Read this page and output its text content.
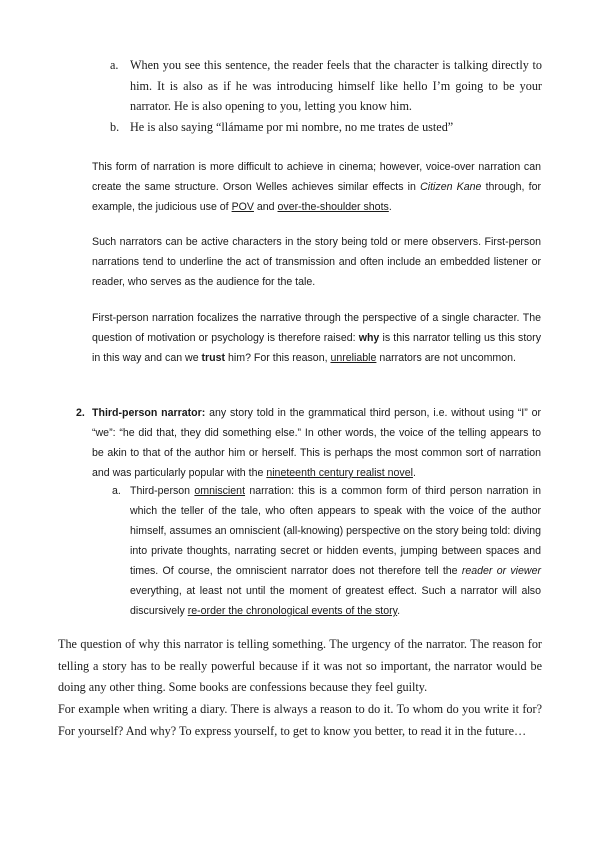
a. When you see this sentence, the reader feels that the character is talking directly to him. It is also as if he was introducing himself like hello I’m going to be your narrator. He is also opening to you, letting you know him.
b. He is also saying “llámame por mi nombre, no me trates de usted”
This form of narration is more difficult to achieve in cinema; however, voice-over narration can create the same structure. Orson Welles achieves similar effects in Citizen Kane through, for example, the judicious use of POV and over-the-shoulder shots.
Such narrators can be active characters in the story being told or mere observers. First-person narrations tend to underline the act of transmission and often include an embedded listener or reader, who serves as the audience for the tale.
First-person narration focalizes the narrative through the perspective of a single character. The question of motivation or psychology is therefore raised: why is this narrator telling us this story in this way and can we trust him? For this reason, unreliable narrators are not uncommon.
2. Third-person narrator: any story told in the grammatical third person, i.e. without using “I” or “we”: “he did that, they did something else.” In other words, the voice of the telling appears to be akin to that of the author him or herself. This is perhaps the most common sort of narration and was particularly popular with the nineteenth century realist novel.
a. Third-person omniscient narration: this is a common form of third person narration in which the teller of the tale, who often appears to speak with the voice of the author himself, assumes an omniscient (all-knowing) perspective on the story being told: diving into private thoughts, narrating secret or hidden events, jumping between spaces and times. Of course, the omniscient narrator does not therefore tell the reader or viewer everything, at least not until the moment of greatest effect. Such a narrator will also discursively re-order the chronological events of the story.
The question of why this narrator is telling something. The urgency of the narrator. The reason for telling a story has to be really powerful because if it was not so important, the narrator would be doing any other thing. Some books are confessions because they feel guilty.
For example when writing a diary. There is always a reason to do it. To whom do you write it for? For yourself? And why? To express yourself, to get to know you better, to read it in the future…
